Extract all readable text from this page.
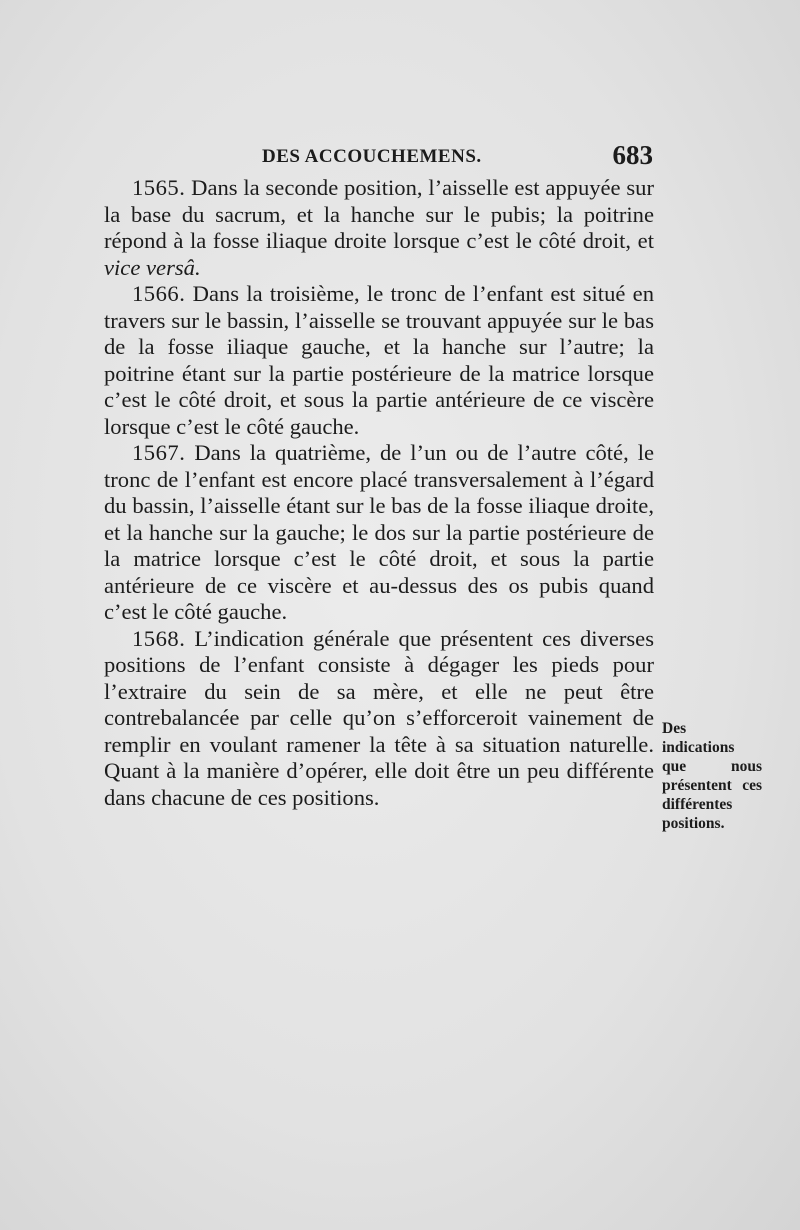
DES ACCOUCHEMENS.	683

1565. Dans la seconde position, l’aisselle est appuyée sur la base du sacrum, et la hanche sur le pubis; la poitrine répond à la fosse iliaque droite lorsque c’est le côté droit, et vice versâ.

1566. Dans la troisième, le tronc de l’enfant est situé en travers sur le bassin, l’aisselle se trouvant appuyée sur le bas de la fosse iliaque gauche, et la hanche sur l’autre; la poitrine étant sur la partie postérieure de la matrice lorsque c’est le côté droit, et sous la partie antérieure de ce viscère lorsque c’est le côté gauche.

1567. Dans la quatrième, de l’un ou de l’autre côté, le tronc de l’enfant est encore placé transversalement à l’égard du bassin, l’aisselle étant sur le bas de la fosse iliaque droite, et la hanche sur la gauche; le dos sur la partie postérieure de la matrice lorsque c’est le côté droit, et sous la partie antérieure de ce viscère et au-dessus des os pubis quand c’est le côté gauche.

1568. L’indication générale que présentent ces diverses positions de l’enfant consiste à dégager les pieds pour l’extraire du sein de sa mère, et elle ne peut être contrebalancée par celle qu’on s’efforceroit vainement de remplir en voulant ramener la tête à sa situation naturelle. Quant à la manière d’opérer, elle doit être un peu différente dans chacune de ces positions.

Des indications que nous présentent ces différentes positions.
